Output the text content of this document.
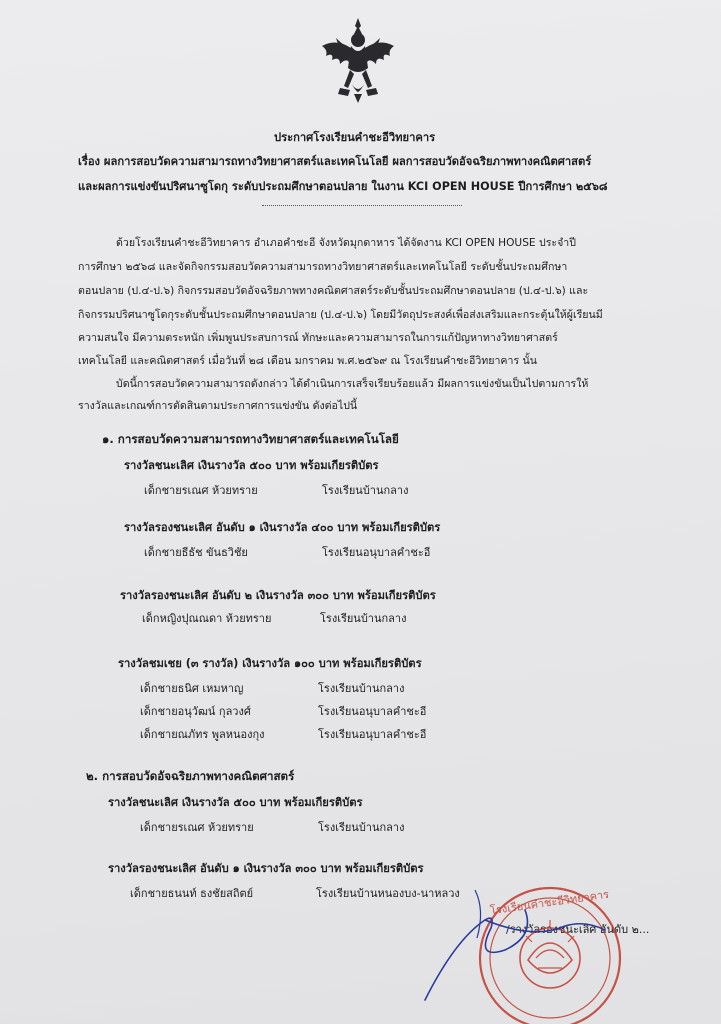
ประกาศโรงเรียนคำชะอีวิทยาคาร
เรื่อง ผลการสอบวัดความสามารถทางวิทยาศาสตร์และเทคโนโลยี ผลการสอบวัดอัจฉริยภาพทางคณิตศาสตร์
และผลการแข่งขันปริศนาซูโดกุ ระดับประถมศึกษาตอนปลาย ในงาน KCI OPEN HOUSE ปีการศึกษา ๒๕๖๘
ด้วยโรงเรียนคำชะอีวิทยาคาร อำเภอคำชะอี จังหวัดมุกดาหาร ได้จัดงาน KCI OPEN HOUSE ประจำปี
การศึกษา ๒๕๖๘ และจัดกิจกรรมสอบวัดความสามารถทางวิทยาศาสตร์และเทคโนโลยี ระดับชั้นประถมศึกษา
ตอนปลาย (ป.๔-ป.๖) กิจกรรมสอบวัดอัจฉริยภาพทางคณิตศาสตร์ระดับชั้นประถมศึกษาตอนปลาย (ป.๔-ป.๖) และ
กิจกรรมปริศนาซูโดกุระดับชั้นประถมศึกษาตอนปลาย (ป.๔-ป.๖) โดยมีวัตถุประสงค์เพื่อส่งเสริมและกระตุ้นให้ผู้เรียนมี
ความสนใจ มีความตระหนัก เพิ่มพูนประสบการณ์ ทักษะและความสามารถในการแก้ปัญหาทางวิทยาศาสตร์
เทคโนโลยี และคณิตศาสตร์ เมื่อวันที่ ๒๘ เดือน มกราคม พ.ศ.๒๕๖๙ ณ โรงเรียนคำชะอีวิทยาคาร นั้น
บัดนี้การสอบวัดความสามารถดังกล่าว ได้ดำเนินการเสร็จเรียบร้อยแล้ว มีผลการแข่งขันเป็นไปตามการให้
รางวัลและเกณฑ์การตัดสินตามประกาศการแข่งขัน ดังต่อไปนี้
๑. การสอบวัดความสามารถทางวิทยาศาสตร์และเทคโนโลยี
รางวัลชนะเลิศ เงินรางวัล ๕๐๐ บาท พร้อมเกียรติบัตร
เด็กชายรเณศ ห้วยทราย	โรงเรียนบ้านกลาง
รางวัลรองชนะเลิศ อันดับ ๑ เงินรางวัล ๔๐๐ บาท พร้อมเกียรติบัตร
เด็กชายธีธัช ขันธวิชัย	โรงเรียนอนุบาลคำชะอี
รางวัลรองชนะเลิศ อันดับ ๒ เงินรางวัล ๓๐๐ บาท พร้อมเกียรติบัตร
เด็กหญิงปุณณดา ห้วยทราย	โรงเรียนบ้านกลาง
รางวัลชมเชย (๓ รางวัล) เงินรางวัล ๑๐๐ บาท พร้อมเกียรติบัตร
เด็กชายธนิศ เหมหาญ	โรงเรียนบ้านกลาง
เด็กชายอนุวัฒน์ กุลวงศ์	โรงเรียนอนุบาลคำชะอี
เด็กชายณภัทร พูลหนองกุง	โรงเรียนอนุบาลคำชะอี
๒. การสอบวัดอัจฉริยภาพทางคณิตศาสตร์
รางวัลชนะเลิศ เงินรางวัล ๕๐๐ บาท พร้อมเกียรติบัตร
เด็กชายรเณศ ห้วยทราย	โรงเรียนบ้านกลาง
รางวัลรองชนะเลิศ อันดับ ๑ เงินรางวัล ๓๐๐ บาท พร้อมเกียรติบัตร
เด็กชายธนนท์ ธงชัยสถิตย์	โรงเรียนบ้านหนองบง-นาหลวง
/รางวัลรองชนะเลิศ อันดับ ๒...
โรงเรียนคำชะอีวิทยาคาร
